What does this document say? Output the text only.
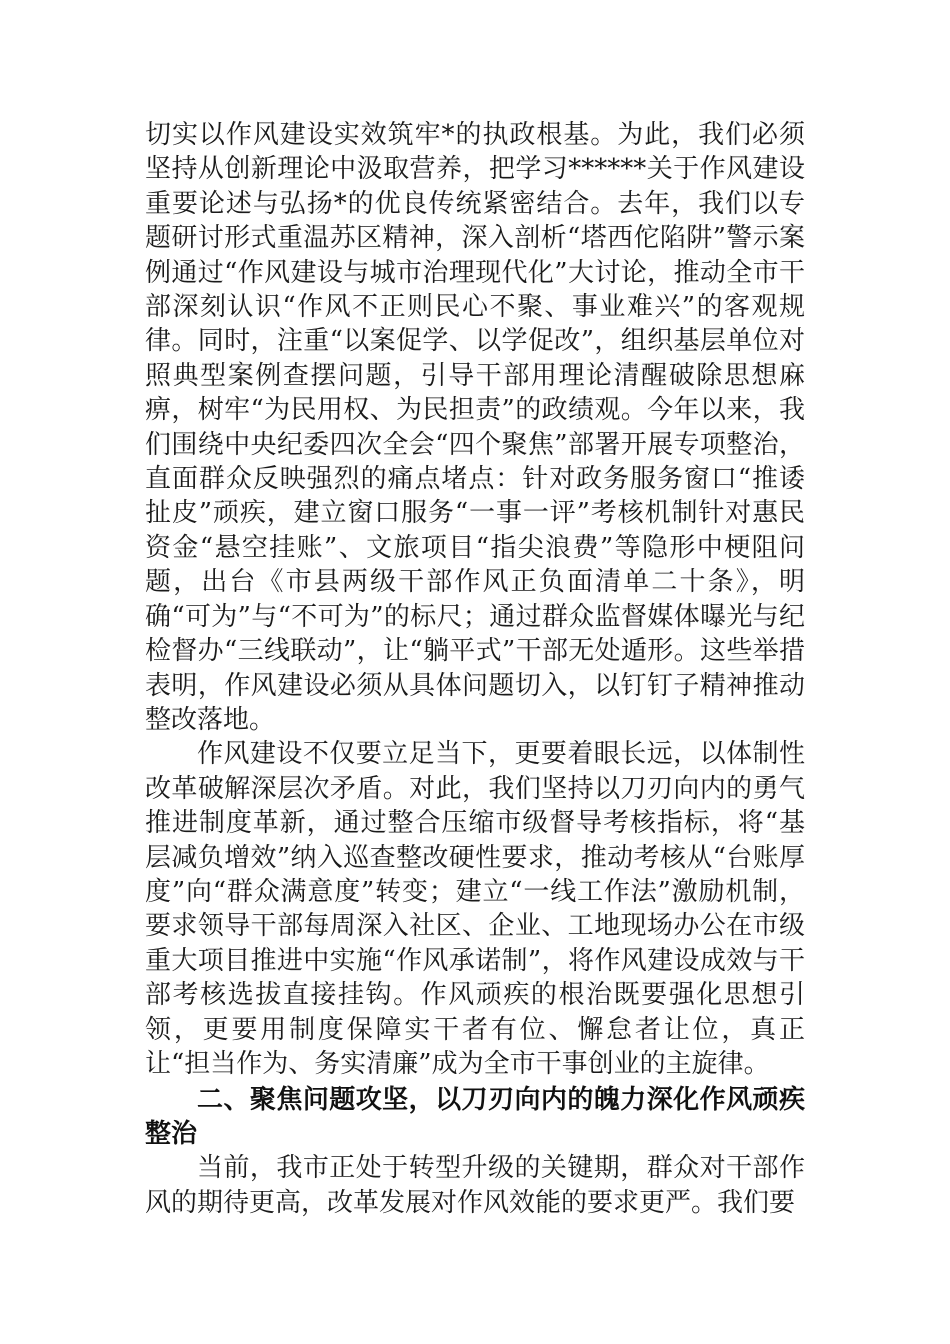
切实以作风建设实效筑牢*的执政根基。为此，我们必须坚持从创新理论中汲取营养，把学习******关于作风建设重要论述与弘扬*的优良传统紧密结合。去年，我们以专题研讨形式重温苏区精神，深入剖析“塔西佗陷阱”警示案例通过“作风建设与城市治理现代化”大讨论，推动全市干部深刻认识“作风不正则民心不聚、事业难兴”的客观规律。同时，注重“以案促学、以学促改”，组织基层单位对照典型案例查摆问题，引导干部用理论清醒破除思想麻痹，树牢“为民用权、为民担责”的政绩观。今年以来，我们围绕中央纪委四次全会“四个聚焦”部署开展专项整治，直面群众反映强烈的痛点堵点：针对政务服务窗口“推诿扯皮”顽疾，建立窗口服务“一事一评”考核机制针对惠民资金“悬空挂账”、文旅项目“指尖浪费”等隐形中梗阻问题，出台《市县两级干部作风正负面清单二十条》，明确“可为”与“不可为”的标尺；通过群众监督媒体曝光与纪检督办“三线联动”，让“躺平式”干部无处遁形。这些举措表明，作风建设必须从具体问题切入，以钉钉子精神推动整改落地。

作风建设不仅要立足当下，更要着眼长远，以体制性改革破解深层次矛盾。对此，我们坚持以刀刃向内的勇气推进制度革新，通过整合压缩市级督导考核指标，将“基层减负增效”纳入巡查整改硬性要求，推动考核从“台账厚度”向“群众满意度”转变；建立“一线工作法”激励机制，要求领导干部每周深入社区、企业、工地现场办公在市级重大项目推进中实施“作风承诺制”，将作风建设成效与干部考核选拔直接挂钩。作风顽疾的根治既要强化思想引领，更要用制度保障实干者有位、懈怠者让位，真正让“担当作为、务实清廉”成为全市干事创业的主旋律。

二、聚焦问题攻坚，以刀刃向内的魄力深化作风顽疾整治

当前，我市正处于转型升级的关键期，群众对干部作风的期待更高，改革发展对作风效能的要求更严。我们要
